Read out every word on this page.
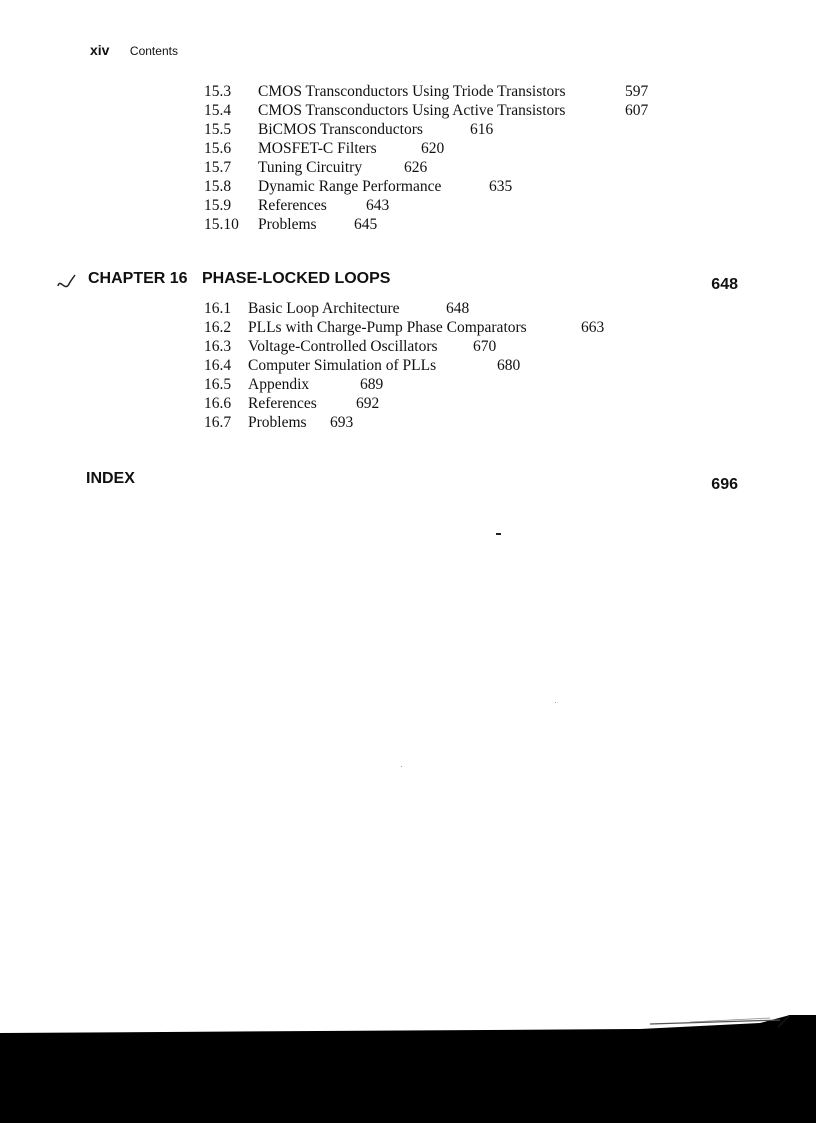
xiv Contents
15.3 CMOS Transconductors Using Triode Transistors	597
15.4 CMOS Transconductors Using Active Transistors	607
15.5 BiCMOS Transconductors	616
15.6 MOSFET-C Filters	620
15.7 Tuning Circuitry	626
15.8 Dynamic Range Performance	635
15.9 References	643
15.10 Problems 645
CHAPTER 16 PHASE-LOCKED LOOPS	648
16.1 Basic Loop Architecture	648
16.2 PLLs with Charge-Pump Phase Comparators	663
16.3 Voltage-Controlled Oscillators 670
16.4 Computer Simulation of PLLs	680
16.5 Appendix	689
16.6 References	692
16.7 Problems 693
INDEX	696
